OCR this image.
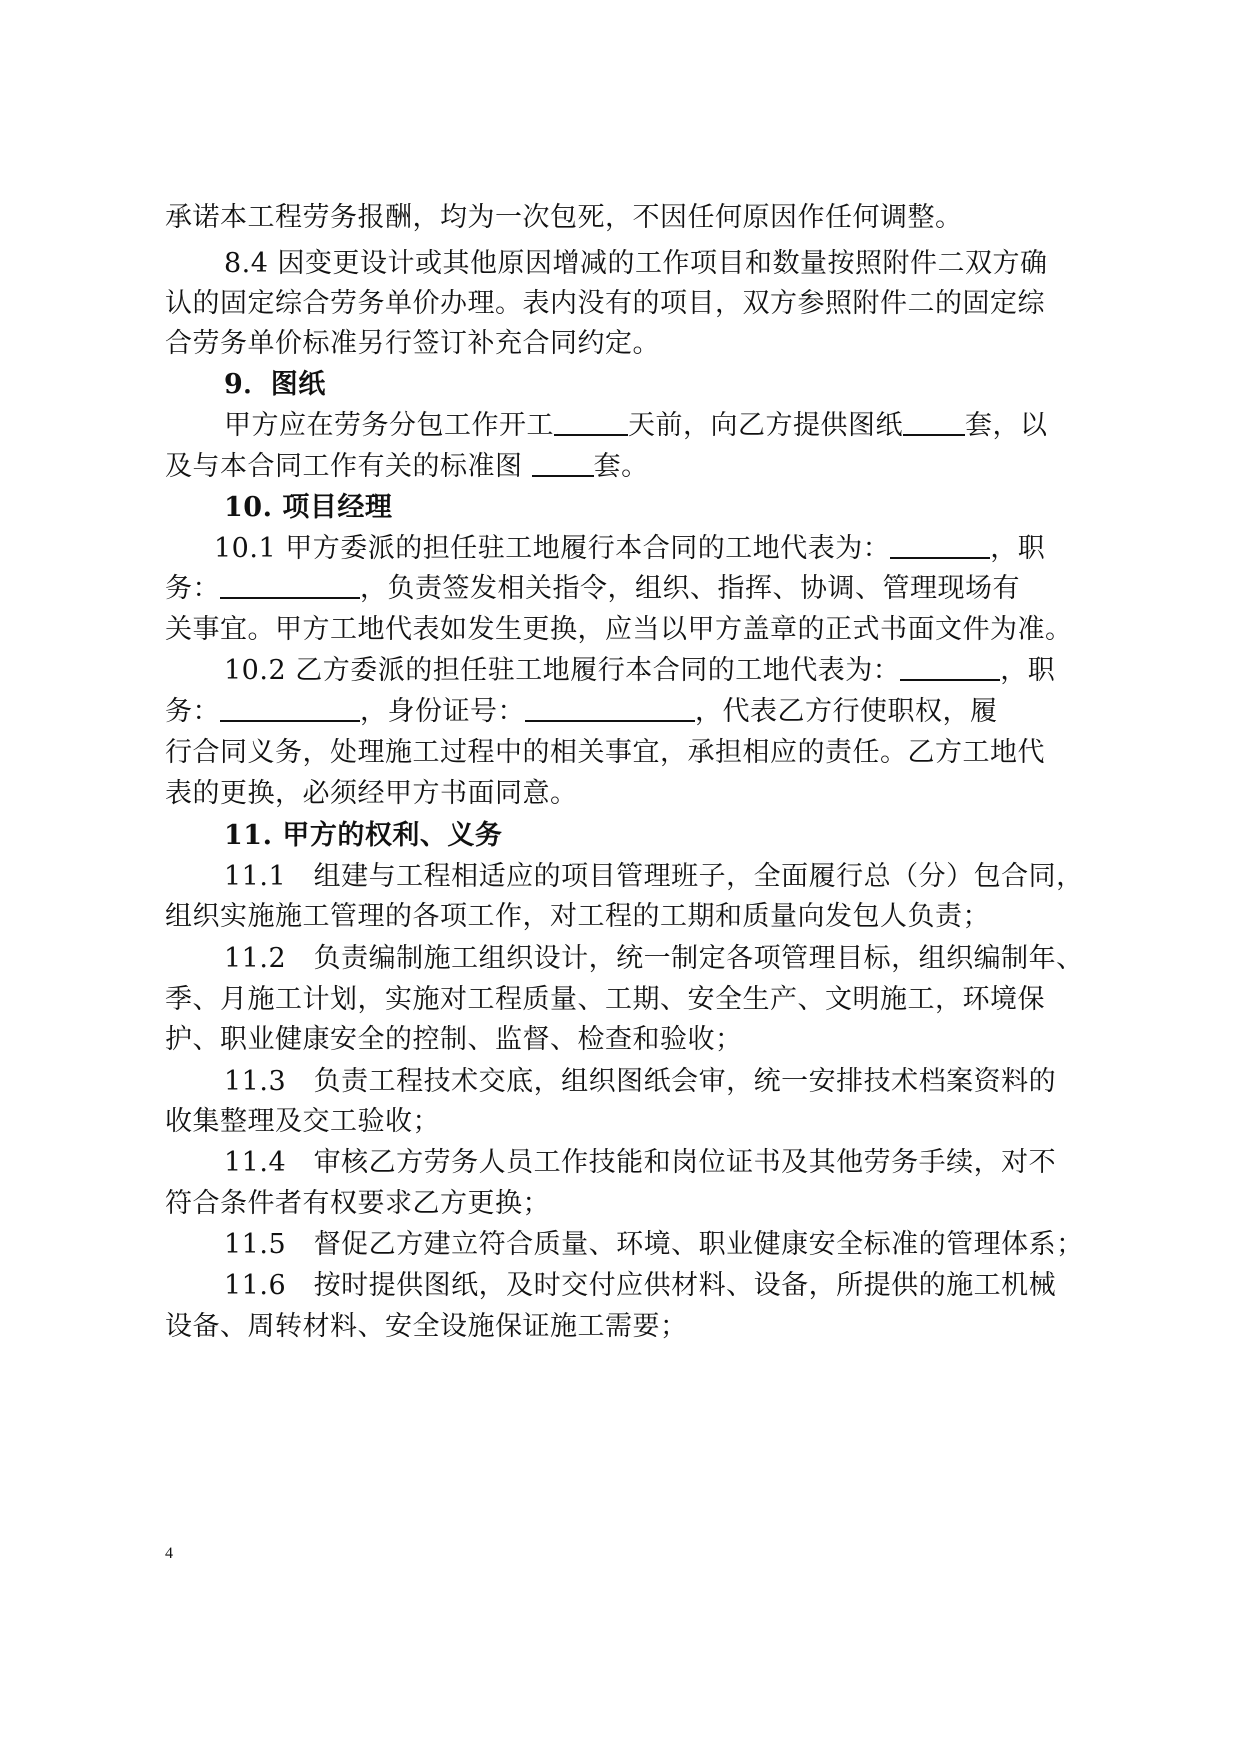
承诺本工程劳务报酬，均为一次包死，不因任何原因作任何调整。
8.4 因变更设计或其他原因增减的工作项目和数量按照附件二双方确
认的固定综合劳务单价办理。表内没有的项目，双方参照附件二的固定综
合劳务单价标准另行签订补充合同约定。
9．图纸
甲方应在劳务分包工作开工	天前，向乙方提供图纸 套，以
及与本合同工作有关的标准图	套。
10. 项目经理
10.1 甲方委派的担任驻工地履行本合同的工地代表为：	，职
务：	，负责签发相关指令，组织、指挥、协调、管理现场有
关事宜。甲方工地代表如发生更换，应当以甲方盖章的正式书面文件为准。
10.2 乙方委派的担任驻工地履行本合同的工地代表为：	，职
务：	，身份证号：	，代表乙方行使职权，履
行合同义务，处理施工过程中的相关事宜，承担相应的责任。乙方工地代
表的更换，必须经甲方书面同意。
11. 甲方的权利、义务
11.1　组建与工程相适应的项目管理班子，全面履行总（分）包合同，
组织实施施工管理的各项工作，对工程的工期和质量向发包人负责；
11.2　负责编制施工组织设计，统一制定各项管理目标，组织编制年、
季、月施工计划，实施对工程质量、工期、安全生产、文明施工，环境保
护、职业健康安全的控制、监督、检查和验收；
11.3　负责工程技术交底，组织图纸会审，统一安排技术档案资料的
收集整理及交工验收；
11.4　审核乙方劳务人员工作技能和岗位证书及其他劳务手续，对不
符合条件者有权要求乙方更换；
11.5　督促乙方建立符合质量、环境、职业健康安全标准的管理体系；
11.6　按时提供图纸，及时交付应供材料、设备，所提供的施工机械
设备、周转材料、安全设施保证施工需要；
4
